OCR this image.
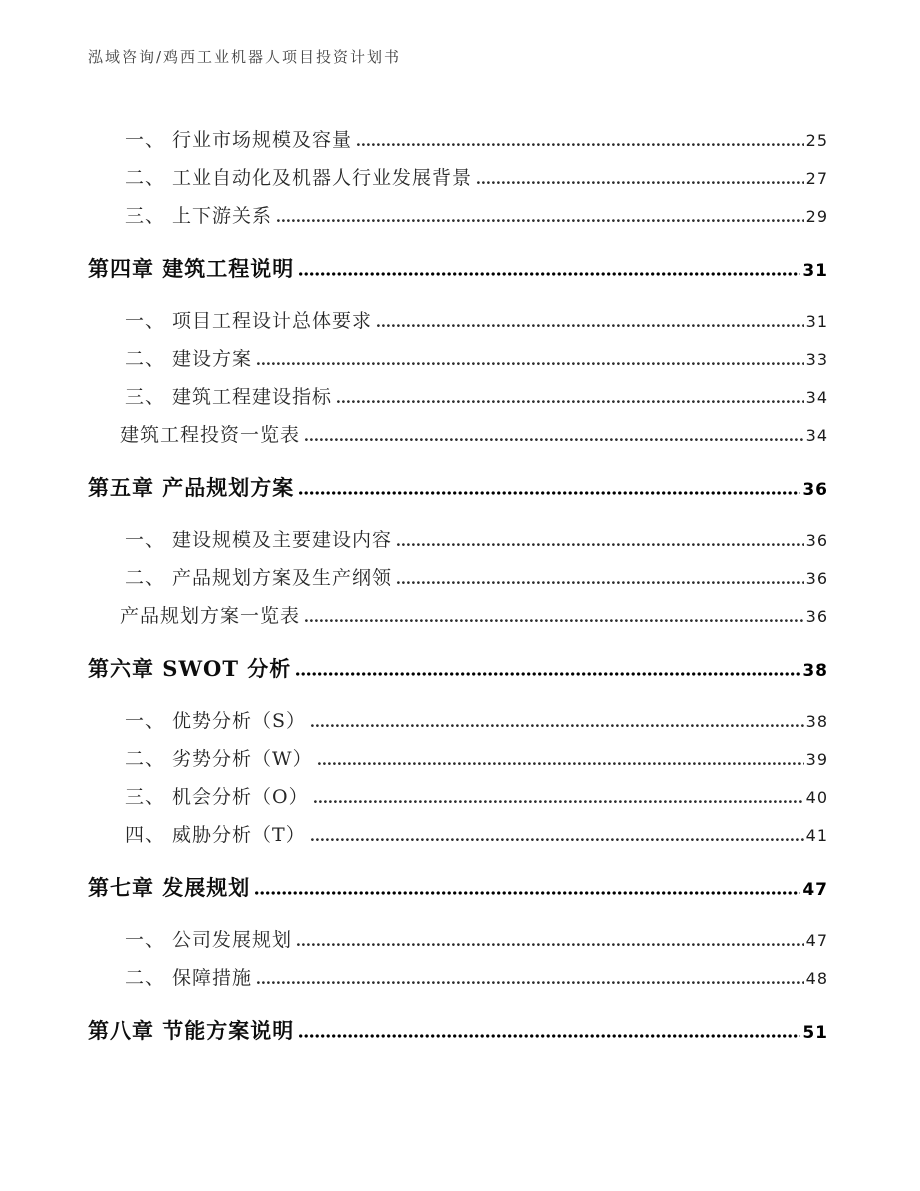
泓域咨询/鸡西工业机器人项目投资计划书
一、 行业市场规模及容量	25
二、 工业自动化及机器人行业发展背景	27
三、 上下游关系	29
第四章 建筑工程说明	31
一、 项目工程设计总体要求	31
二、 建设方案	33
三、 建筑工程建设指标	34
建筑工程投资一览表	34
第五章 产品规划方案	36
一、 建设规模及主要建设内容	36
二、 产品规划方案及生产纲领	36
产品规划方案一览表	36
第六章 SWOT 分析	38
一、 优势分析（S）	38
二、 劣势分析（W）	39
三、 机会分析（O）	40
四、 威胁分析（T）	41
第七章 发展规划	47
一、 公司发展规划	47
二、 保障措施	48
第八章 节能方案说明	51
